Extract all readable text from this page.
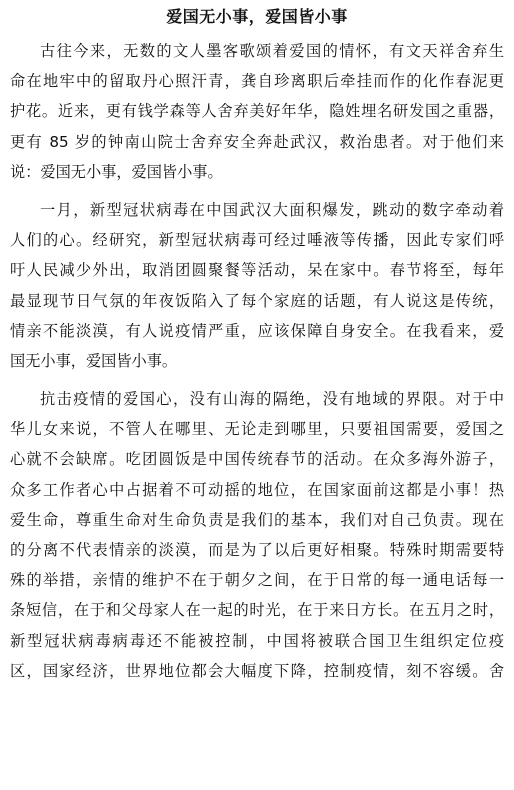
爱国无小事，爱国皆小事
古往今来，无数的文人墨客歌颂着爱国的情怀，有文天祥舍弃生
命在地牢中的留取丹心照汗青，龚自珍离职后牵挂而作的化作春泥更
护花。近来，更有钱学森等人舍弃美好年华，隐姓埋名研发国之重器，
更有 85 岁的钟南山院士舍弃安全奔赴武汉，救治患者。对于他们来
说：爱国无小事，爱国皆小事。
一月，新型冠状病毒在中国武汉大面积爆发，跳动的数字牵动着
人们的心。经研究，新型冠状病毒可经过唾液等传播，因此专家们呼
吁人民减少外出，取消团圆聚餐等活动，呆在家中。春节将至，每年
最显现节日气氛的年夜饭陷入了每个家庭的话题，有人说这是传统，
情亲不能淡漠，有人说疫情严重，应该保障自身安全。在我看来，爱
国无小事，爱国皆小事。
抗击疫情的爱国心，没有山海的隔绝，没有地域的界限。对于中
华儿女来说，不管人在哪里、无论走到哪里，只要祖国需要，爱国之
心就不会缺席。吃团圆饭是中国传统春节的活动。在众多海外游子，
众多工作者心中占据着不可动摇的地位，在国家面前这都是小事！热
爱生命，尊重生命对生命负责是我们的基本，我们对自己负责。现在
的分离不代表情亲的淡漠，而是为了以后更好相聚。特殊时期需要特
殊的举措，亲情的维护不在于朝夕之间，在于日常的每一通电话每一
条短信，在于和父母家人在一起的时光，在于来日方长。在五月之时，
新型冠状病毒病毒还不能被控制，中国将被联合国卫生组织定位疫
区，国家经济，世界地位都会大幅度下降，控制疫情，刻不容缓。舍
